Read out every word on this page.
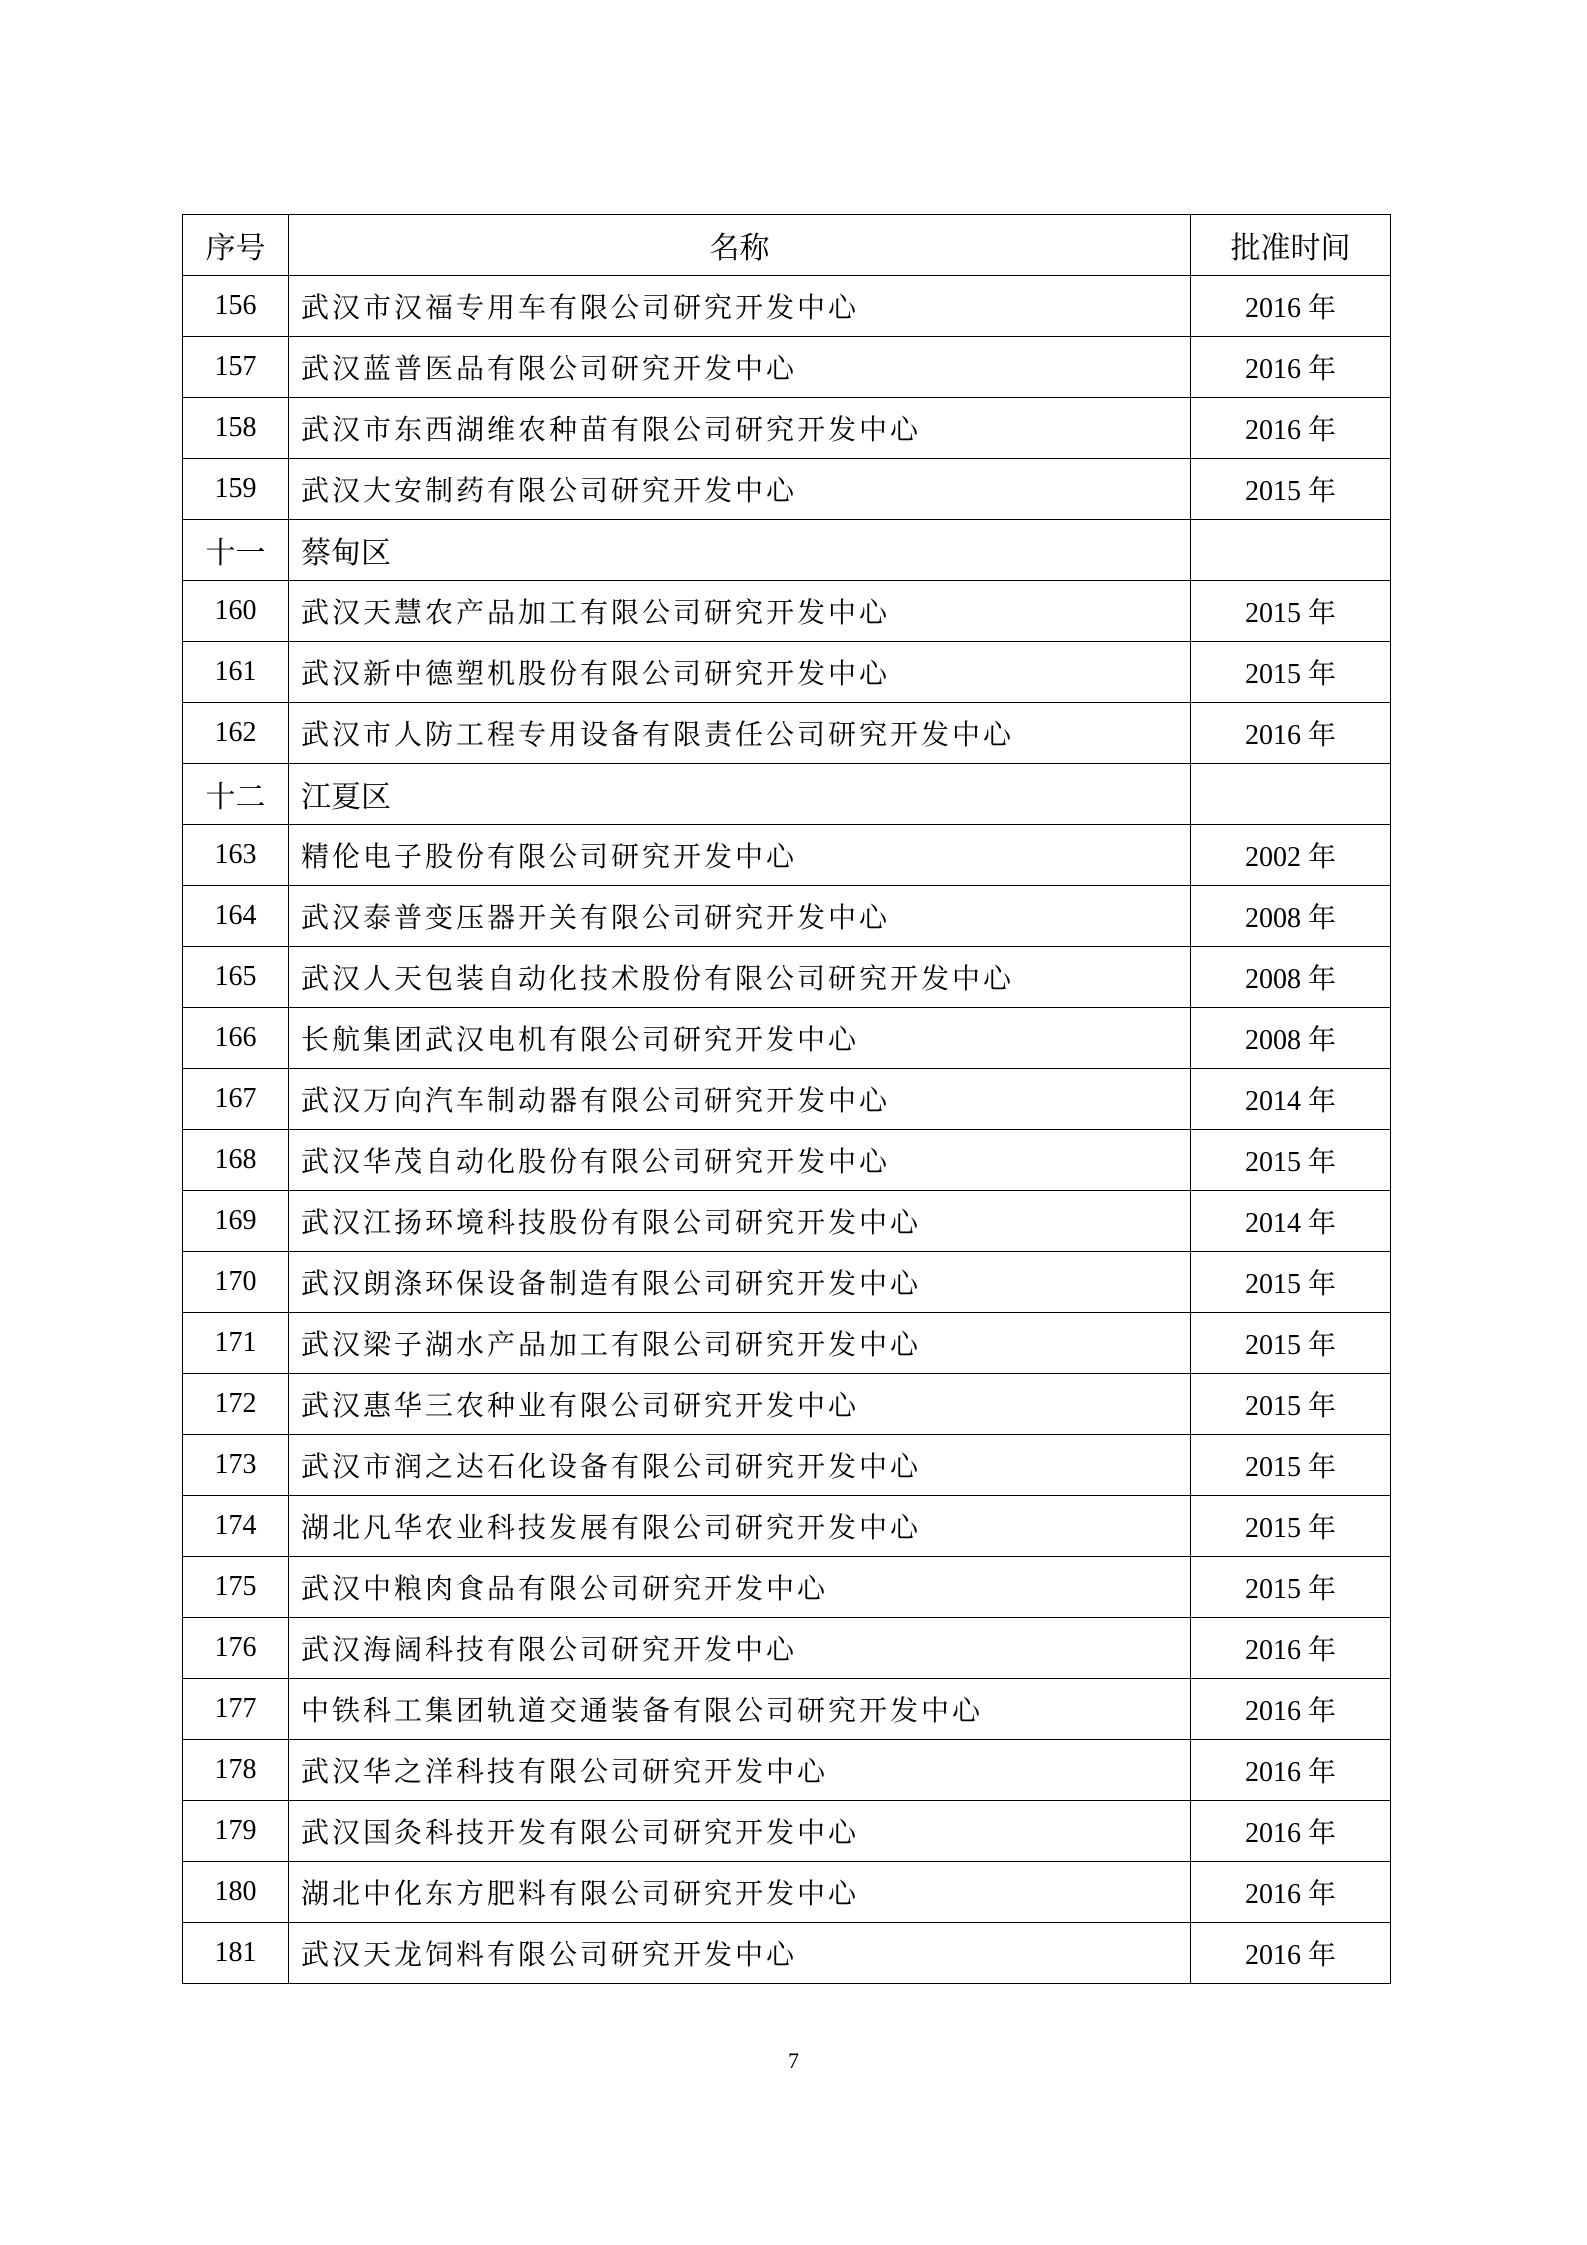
序号	名称	批准时间
156	武汉市汉福专用车有限公司研究开发中心	2016 年
157	武汉蓝普医品有限公司研究开发中心	2016 年
158	武汉市东西湖维农种苗有限公司研究开发中心	2016 年
159	武汉大安制药有限公司研究开发中心	2015 年
十一	蔡甸区	
160	武汉天慧农产品加工有限公司研究开发中心	2015 年
161	武汉新中德塑机股份有限公司研究开发中心	2015 年
162	武汉市人防工程专用设备有限责任公司研究开发中心	2016 年
十二	江夏区	
163	精伦电子股份有限公司研究开发中心	2002 年
164	武汉泰普变压器开关有限公司研究开发中心	2008 年
165	武汉人天包装自动化技术股份有限公司研究开发中心	2008 年
166	长航集团武汉电机有限公司研究开发中心	2008 年
167	武汉万向汽车制动器有限公司研究开发中心	2014 年
168	武汉华茂自动化股份有限公司研究开发中心	2015 年
169	武汉江扬环境科技股份有限公司研究开发中心	2014 年
170	武汉朗涤环保设备制造有限公司研究开发中心	2015 年
171	武汉梁子湖水产品加工有限公司研究开发中心	2015 年
172	武汉惠华三农种业有限公司研究开发中心	2015 年
173	武汉市润之达石化设备有限公司研究开发中心	2015 年
174	湖北凡华农业科技发展有限公司研究开发中心	2015 年
175	武汉中粮肉食品有限公司研究开发中心	2015 年
176	武汉海阔科技有限公司研究开发中心	2016 年
177	中铁科工集团轨道交通装备有限公司研究开发中心	2016 年
178	武汉华之洋科技有限公司研究开发中心	2016 年
179	武汉国灸科技开发有限公司研究开发中心	2016 年
180	湖北中化东方肥料有限公司研究开发中心	2016 年
181	武汉天龙饲料有限公司研究开发中心	2016 年
7
